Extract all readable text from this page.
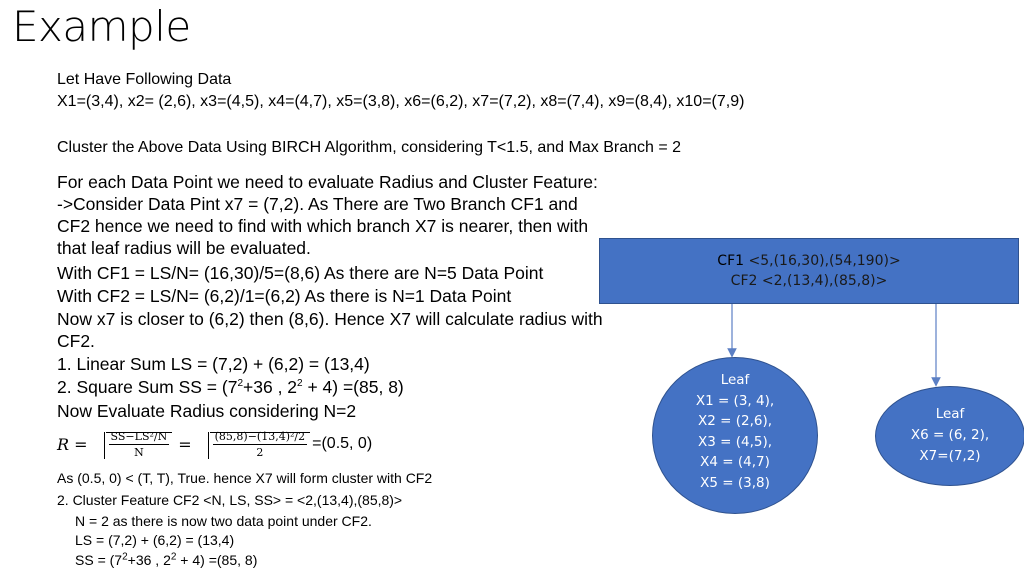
Example
Let Have Following Data
X1=(3,4), x2= (2,6), x3=(4,5), x4=(4,7), x5=(3,8), x6=(6,2), x7=(7,2), x8=(7,4), x9=(8,4), x10=(7,9)
Cluster the Above Data Using BIRCH Algorithm, considering T<1.5, and Max Branch = 2
For each Data Point we need to evaluate Radius and Cluster Feature:
->Consider Data Pint x7 = (7,2). As There are Two Branch CF1 and
CF2 hence we need to find with which branch X7 is nearer, then with
that leaf radius will be evaluated.
With CF1 = LS/N= (16,30)/5=(8,6) As there are N=5 Data Point
With CF2 = LS/N= (6,2)/1=(6,2) As there is N=1 Data Point
Now x7 is closer to (6,2) then (8,6). Hence X7 will calculate radius with
CF2.
1. Linear Sum LS = (7,2) + (6,2) = (13,4)
2. Square Sum SS = ($7^2+36$ , $2^2 + 4) =(85$, 8)
Now Evaluate Radius considering N=2
$R = \frac{\text{SS−LS²/N}}{N} = \frac{\text{(85,8)−(13,4)²/2}}{2} =(0.5$, 0)
As (0.5, 0) < (T, T), True. hence X7 will form cluster with CF2
2. Cluster Feature CF2 <N, LS, SS> = <2,(13,4),(85,8)>
N = 2 as there is now two data point under CF2.
LS = (7,2) + (6,2) = (13,4)
SS = ($7^2+36$ , $2^2 + 4) =(85$, 8)
CF1 <5,(16,30),(54,190)>
CF2 <2,(13,4),(85,8)>
Leaf
X1 = (3, 4),
X2 = (2,6),
X3 = (4,5),
X4 = (4,7)
X5 = (3,8)
Leaf
X6 = (6, 2),
X7=(7,2)
